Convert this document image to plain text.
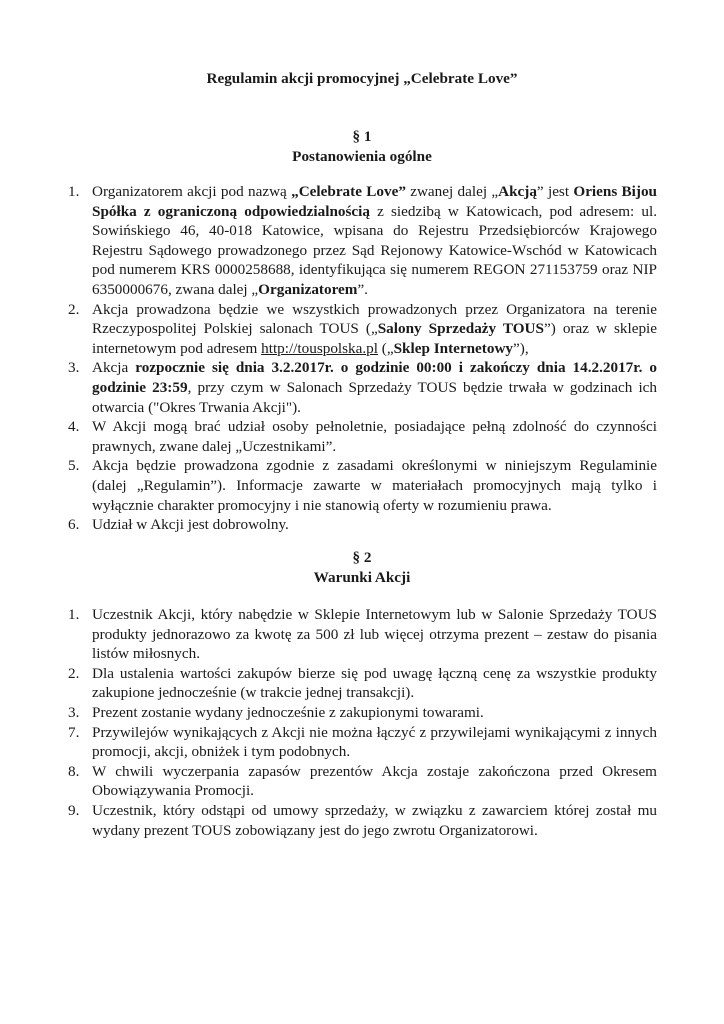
Regulamin akcji promocyjnej „Celebrate Love”
§ 1
Postanowienia ogólne
1. Organizatorem akcji pod nazwą „Celebrate Love” zwanej dalej „Akcją” jest Oriens Bijou Spółka z ograniczoną odpowiedzialnością z siedzibą w Katowicach, pod adresem: ul. Sowińskiego 46, 40-018 Katowice, wpisana do Rejestru Przedsiębiorców Krajowego Rejestru Sądowego prowadzonego przez Sąd Rejonowy Katowice-Wschód w Katowicach pod numerem KRS 0000258688, identyfikująca się numerem REGON 271153759 oraz NIP 6350000676, zwana dalej „Organizatorem”.
2. Akcja prowadzona będzie we wszystkich prowadzonych przez Organizatora na terenie Rzeczypospolitej Polskiej salonach TOUS („Salony Sprzedaży TOUS”) oraz w sklepie internetowym pod adresem http://touspolska.pl („Sklep Internetowy”),
3. Akcja rozpocznie się dnia 3.2.2017r. o godzinie 00:00 i zakończy dnia 14.2.2017r. o godzinie 23:59, przy czym w Salonach Sprzedaży TOUS będzie trwała w godzinach ich otwarcia ("Okres Trwania Akcji").
4. W Akcji mogą brać udział osoby pełnoletnie, posiadające pełną zdolność do czynności prawnych, zwane dalej „Uczestnikami”.
5. Akcja będzie prowadzona zgodnie z zasadami określonymi w niniejszym Regulaminie (dalej „Regulamin”). Informacje zawarte w materiałach promocyjnych mają tylko i wyłącznie charakter promocyjny i nie stanowią oferty w rozumieniu prawa.
6. Udział w Akcji jest dobrowolny.
§ 2
Warunki Akcji
1. Uczestnik Akcji, który nabędzie w Sklepie Internetowym lub w Salonie Sprzedaży TOUS produkty jednorazowo za kwotę za 500 zł lub więcej otrzyma prezent – zestaw do pisania listów miłosnych.
2. Dla ustalenia wartości zakupów bierze się pod uwagę łączną cenę za wszystkie produkty zakupione jednocześnie (w trakcie jednej transakcji).
3. Prezent zostanie wydany jednocześnie z zakupionymi towarami.
7. Przywilejów wynikających z Akcji nie można łączyć z przywilejami wynikającymi z innych promocji, akcji, obniżek i tym podobnych.
8. W chwili wyczerpania zapasów prezentów Akcja zostaje zakończona przed Okresem Obowiązywania Promocji.
9. Uczestnik, który odstąpi od umowy sprzedaży, w związku z zawarciem której został mu wydany prezent TOUS zobowiązany jest do jego zwrotu Organizatorowi.
